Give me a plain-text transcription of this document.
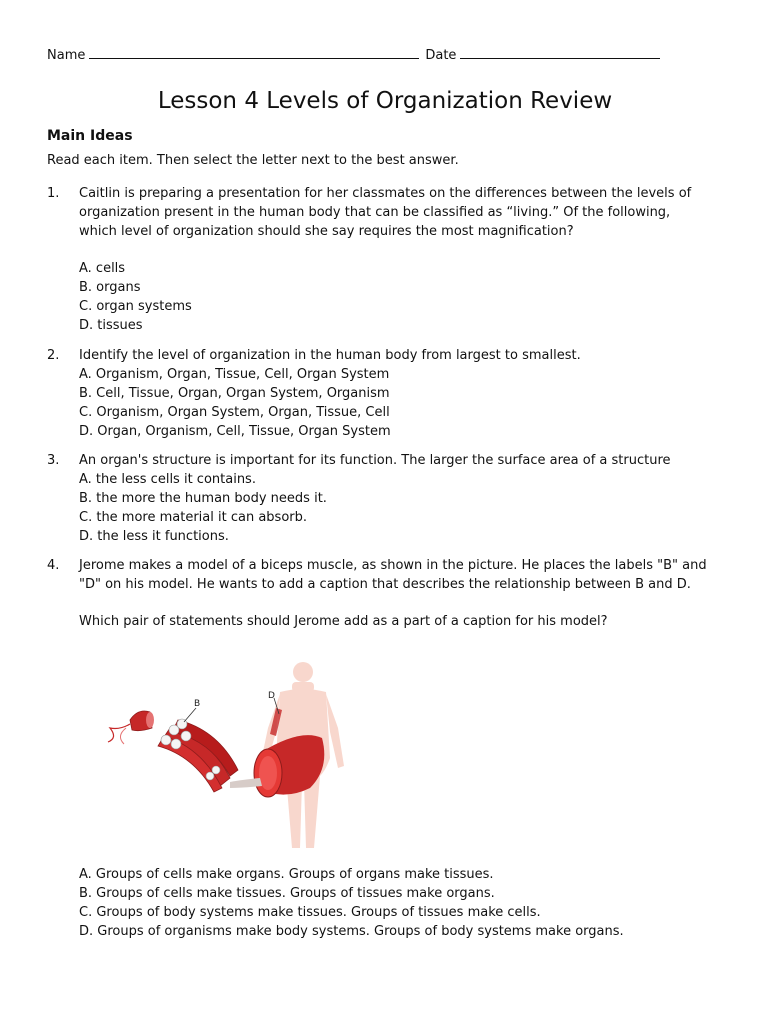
Name	Date
Lesson 4 Levels of Organization Review
Main Ideas

Read each item. Then select the letter next to the best answer.

1. Caitlin is preparing a presentation for her classmates on the differences between the levels of organization present in the human body that can be classified as “living.” Of the following, which level of organization should she say requires the most magnification?

A. cells
B. organs
C. organ systems
D. tissues
2. Identify the level of organization in the human body from largest to smallest.

A. Organism, Organ, Tissue, Cell, Organ System
B. Cell, Tissue, Organ, Organ System, Organism
C. Organism, Organ System, Organ, Tissue, Cell
D. Organ, Organism, Cell, Tissue, Organ System
3. An organ's structure is important for its function. The larger the surface area of a structure

A. the less cells it contains.
B. the more the human body needs it.
C. the more material it can absorb.
D. the less it functions.
4. Jerome makes a model of a biceps muscle, as shown in the picture. He places the labels "B" and "D" on his model. He wants to add a caption that describes the relationship between B and D.

Which pair of statements should Jerome add as a part of a caption for his model?

D
B
A. Groups of cells make organs. Groups of organs make tissues.
B. Groups of cells make tissues. Groups of tissues make organs.
C. Groups of body systems make tissues. Groups of tissues make cells.
D. Groups of organisms make body systems. Groups of body systems make organs.
